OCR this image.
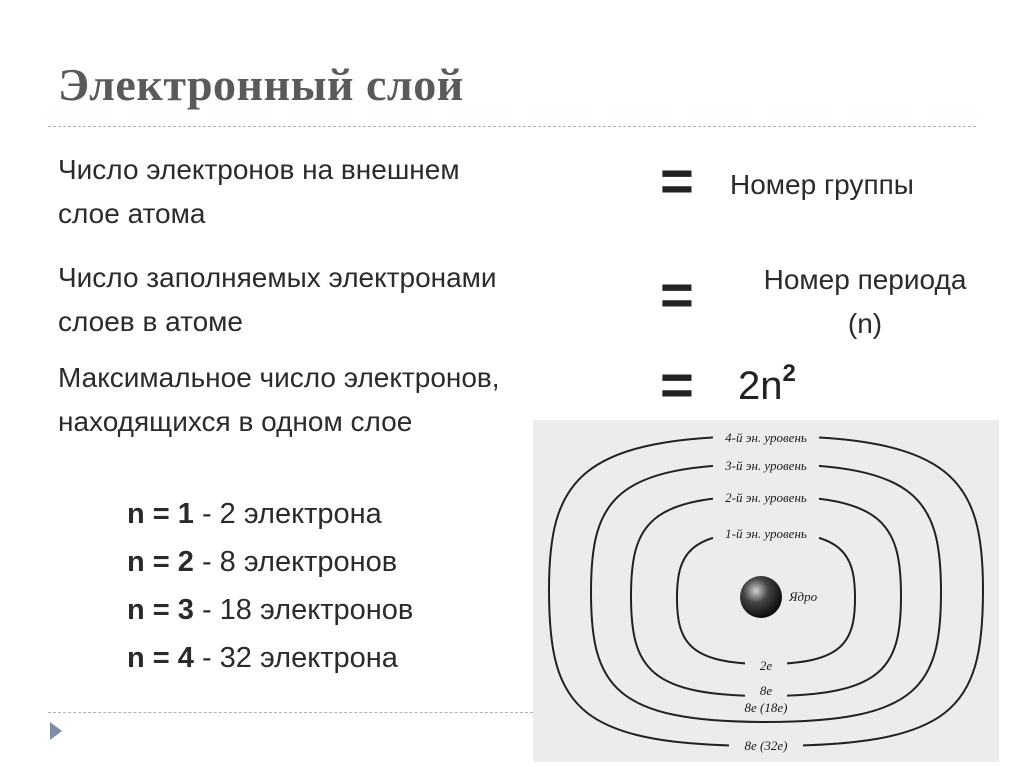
Электронный слой
Число электронов на внешнем
слое атома	= Номер группы
Число заполняемых электронами
слоев в атоме	=	Номер периода
(n)
Максимальное число электронов,
находящихся в одном слое
= $2n^2$
n = 1 - 2 электрона
n = 2 - 8 электронов
n = 3 - 18 электронов
n = 4 - 32 электрона
4-й эн. уровень
3-й эн. уровень
2-й эн. уровень
1-й эн. уровень
Ядро
2e
8e
8e (18e)
8e (32e)
